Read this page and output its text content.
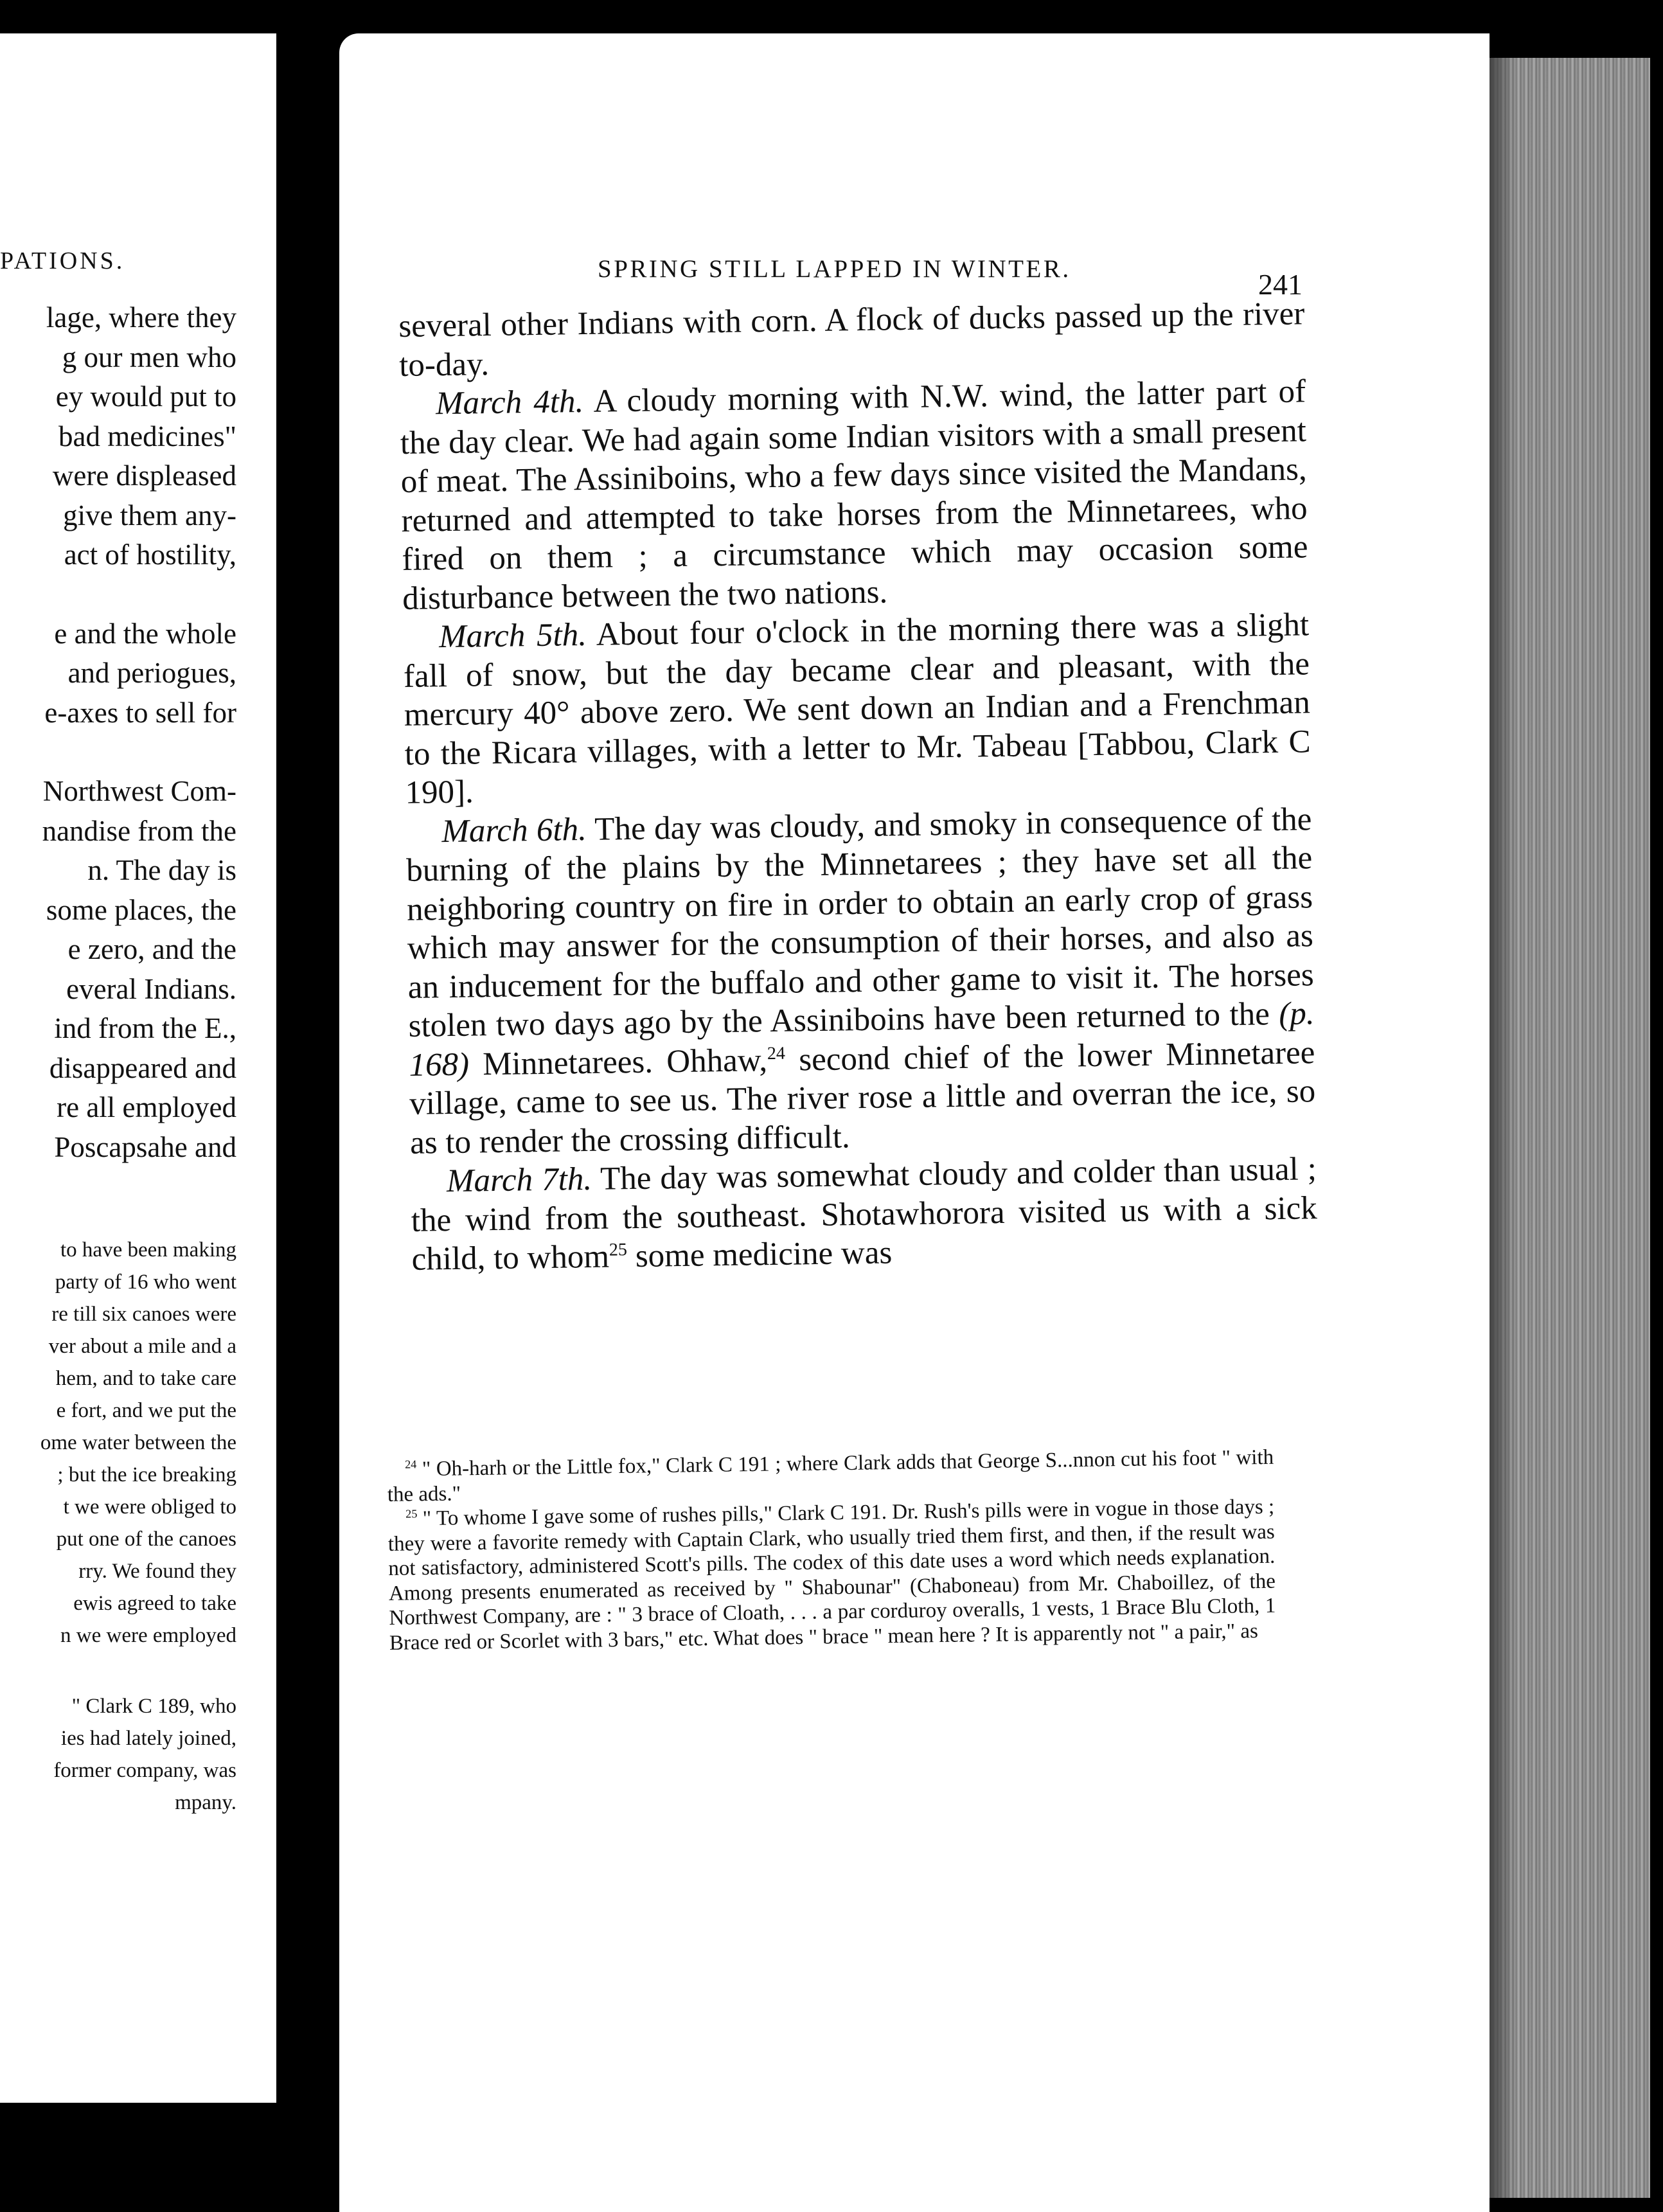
PATIONS.
lage, where they
g our men who
ey would put to
bad medicines"
were displeased
give them any-
act of hostility,
e and the whole
and periogues,
e-axes to sell for
Northwest Com-
nandise from the
n. The day is
some places, the
e zero, and the
everal Indians.
ind from the E.,
disappeared and
re all employed
Poscapsahe and
to have been making
party of 16 who went
re till six canoes were
ver about a mile and a
hem, and to take care
e fort, and we put the
ome water between the
; but the ice breaking
t we were obliged to
put one of the canoes
rry. We found they
ewis agreed to take
n we were employed
" Clark C 189, who
ies had lately joined,
former company, was
mpany.
SPRING STILL LAPPED IN WINTER.	241

several other Indians with corn. A flock of ducks passed up the river to-day.

March 4th. A cloudy morning with N.W. wind, the latter part of the day clear. We had again some Indian visitors with a small present of meat. The Assiniboins, who a few days since visited the Mandans, returned and attempted to take horses from the Minnetarees, who fired on them ; a circumstance which may occasion some disturbance between the two nations.

March 5th. About four o'clock in the morning there was a slight fall of snow, but the day became clear and pleasant, with the mercury 40° above zero. We sent down an Indian and a Frenchman to the Ricara villages, with a letter to Mr. Tabeau [Tabbou, Clark C 190].

March 6th. The day was cloudy, and smoky in consequence of the burning of the plains by the Minnetarees ; they have set all the neighboring country on fire in order to obtain an early crop of grass which may answer for the consumption of their horses, and also as an inducement for the buffalo and other game to visit it. The horses stolen two days ago by the Assiniboins have been returned to the (p. 168) Minnetarees. Ohhaw,$^{24}$ second chief of the lower Minnetaree village, came to see us. The river rose a little and overran the ice, so as to render the crossing difficult.

March 7th. The day was somewhat cloudy and colder than usual ; the wind from the southeast. Shotawhorora visited us with a sick child, to whom$^{25}$ some medicine was

$^{24}$ " Oh-harh or the Little fox," Clark C 191 ; where Clark adds that George S...nnon cut his foot " with the ads."

$^{25}$ " To whome I gave some of rushes pills," Clark C 191. Dr. Rush's pills were in vogue in those days ; they were a favorite remedy with Captain Clark, who usually tried them first, and then, if the result was not satisfactory, administered Scott's pills. The codex of this date uses a word which needs explanation. Among presents enumerated as received by " Shabounar" (Chaboneau) from Mr. Chaboillez, of the Northwest Company, are : " 3 brace of Cloath, . . . a par corduroy overalls, 1 vests, 1 Brace Blu Cloth, 1 Brace red or Scorlet with 3 bars," etc. What does " brace " mean here ? It is apparently not " a pair," as
